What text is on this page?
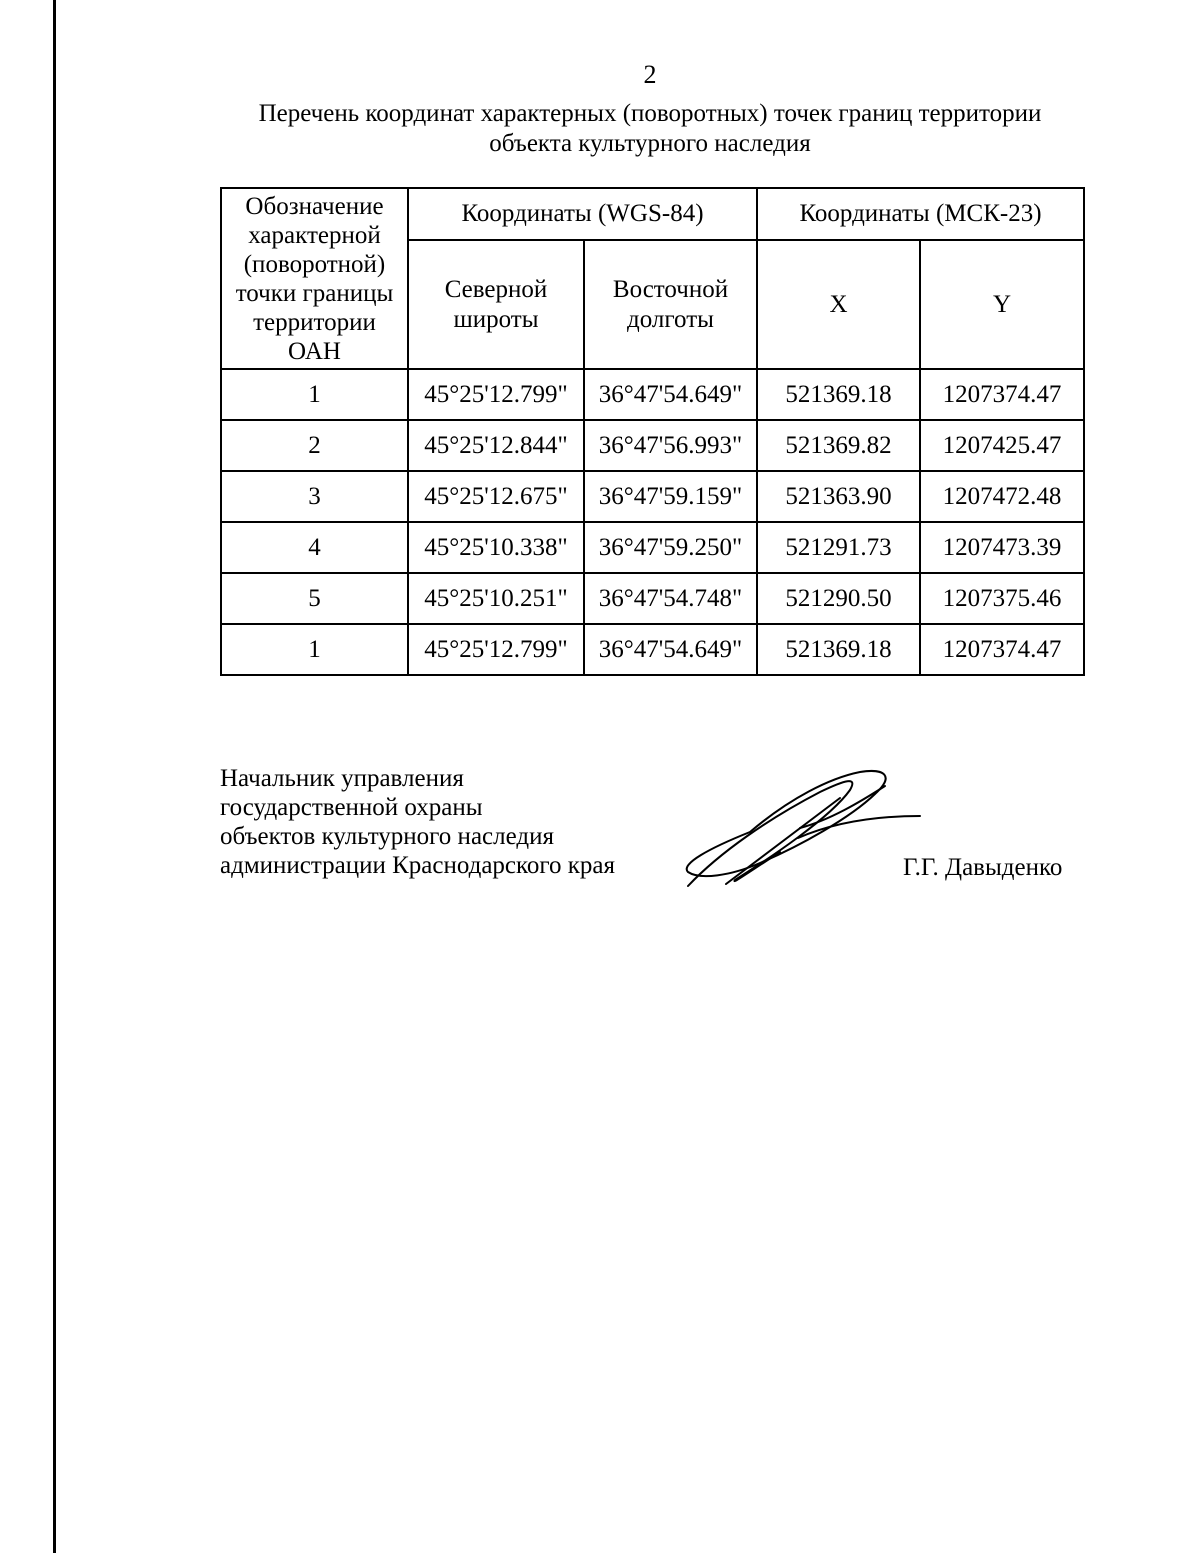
2
Перечень координат характерных (поворотных) точек границ территории
объекта культурного наследия
Обозначение характерной (поворотной) точки границы территории ОАН	Координаты (WGS-84)		Координаты (МСК-23)	
	Северной широты	Восточной долготы	X	Y
1	45°25'12.799"	36°47'54.649"	521369.18	1207374.47
2	45°25'12.844"	36°47'56.993"	521369.82	1207425.47
3	45°25'12.675"	36°47'59.159"	521363.90	1207472.48
4	45°25'10.338"	36°47'59.250"	521291.73	1207473.39
5	45°25'10.251"	36°47'54.748"	521290.50	1207375.46
1	45°25'12.799"	36°47'54.649"	521369.18	1207374.47
Начальник управления
государственной охраны
объектов культурного наследия
администрации Краснодарского края	Г.Г. Давыденко
